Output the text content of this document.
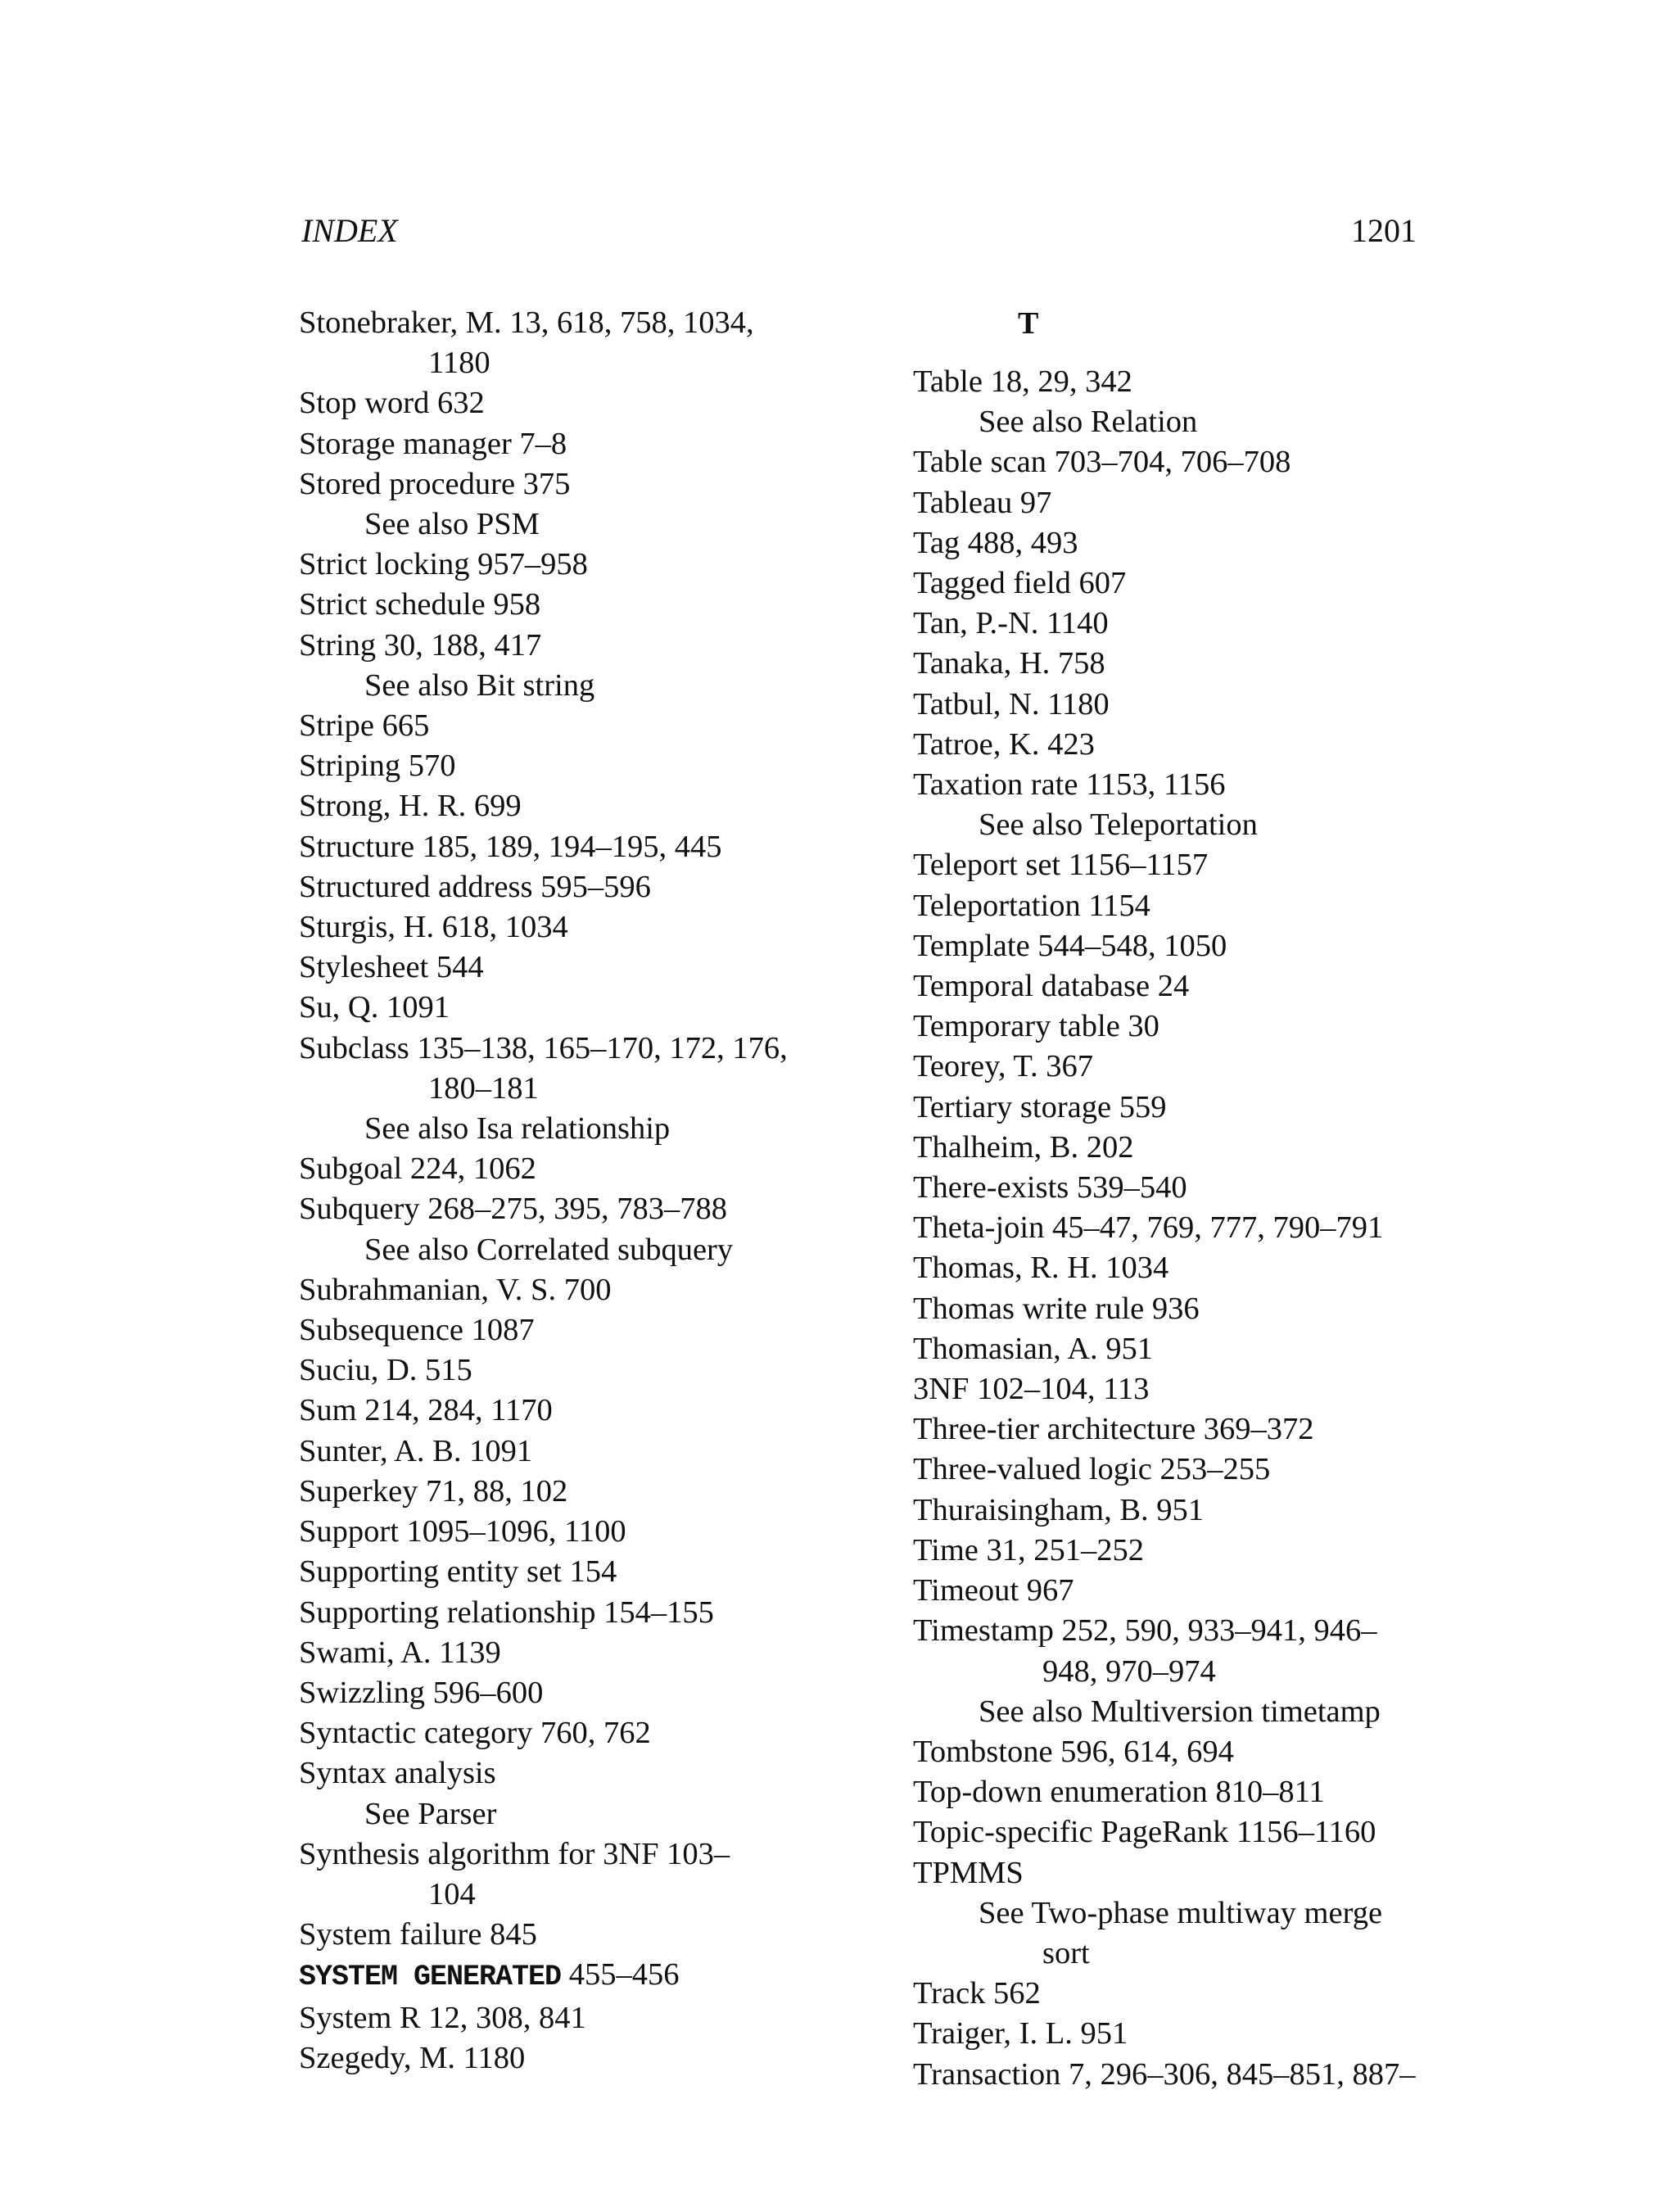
INDEX	1201
Stonebraker, M. 13, 618, 758, 1034,
1180
Stop word 632
Storage manager 7–8
Stored procedure 375
See also PSM
Strict locking 957–958
Strict schedule 958
String 30, 188, 417
See also Bit string
Stripe 665
Striping 570
Strong, H. R. 699
Structure 185, 189, 194–195, 445
Structured address 595–596
Sturgis, H. 618, 1034
Stylesheet 544
Su, Q. 1091
Subclass 135–138, 165–170, 172, 176,
180–181
See also Isa relationship
Subgoal 224, 1062
Subquery 268–275, 395, 783–788
See also Correlated subquery
Subrahmanian, V. S. 700
Subsequence 1087
Suciu, D. 515
Sum 214, 284, 1170
Sunter, A. B. 1091
Superkey 71, 88, 102
Support 1095–1096, 1100
Supporting entity set 154
Supporting relationship 154–155
Swami, A. 1139
Swizzling 596–600
Syntactic category 760, 762
Syntax analysis
See Parser
Synthesis algorithm for 3NF 103–
104
System failure 845
SYSTEM GENERATED 455–456
System R 12, 308, 841
Szegedy, M. 1180
T
Table 18, 29, 342
See also Relation
Table scan 703–704, 706–708
Tableau 97
Tag 488, 493
Tagged field 607
Tan, P.-N. 1140
Tanaka, H. 758
Tatbul, N. 1180
Tatroe, K. 423
Taxation rate 1153, 1156
See also Teleportation
Teleport set 1156–1157
Teleportation 1154
Template 544–548, 1050
Temporal database 24
Temporary table 30
Teorey, T. 367
Tertiary storage 559
Thalheim, B. 202
There-exists 539–540
Theta-join 45–47, 769, 777, 790–791
Thomas, R. H. 1034
Thomas write rule 936
Thomasian, A. 951
3NF 102–104, 113
Three-tier architecture 369–372
Three-valued logic 253–255
Thuraisingham, B. 951
Time 31, 251–252
Timeout 967
Timestamp 252, 590, 933–941, 946–
948, 970–974
See also Multiversion timetamp
Tombstone 596, 614, 694
Top-down enumeration 810–811
Topic-specific PageRank 1156–1160
TPMMS
See Two-phase multiway merge
sort
Track 562
Traiger, I. L. 951
Transaction 7, 296–306, 845–851, 887–
